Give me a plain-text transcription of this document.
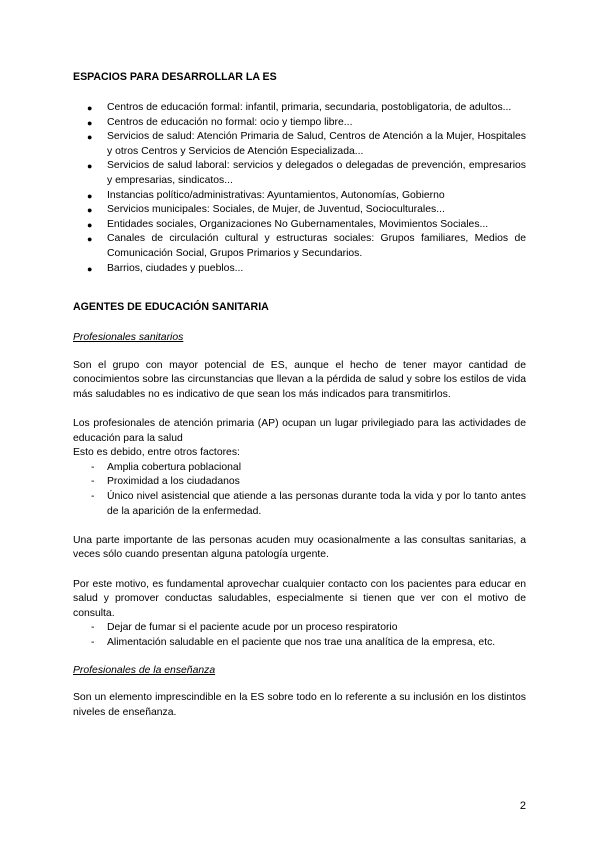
ESPACIOS PARA DESARROLLAR LA ES
● Centros de educación formal: infantil, primaria, secundaria, postobligatoria, de adultos...
● Centros de educación no formal: ocio y tiempo libre...
● Servicios de salud: Atención Primaria de Salud, Centros de Atención a la Mujer, Hospitales y otros Centros y Servicios de Atención Especializada...
● Servicios de salud laboral: servicios y delegados o delegadas de prevención, empresarios y empresarias, sindicatos...
● Instancias político/administrativas: Ayuntamientos, Autonomías, Gobierno
● Servicios municipales: Sociales, de Mujer, de Juventud, Socioculturales...
● Entidades sociales, Organizaciones No Gubernamentales, Movimientos Sociales...
● Canales de circulación cultural y estructuras sociales: Grupos familiares, Medios de Comunicación Social, Grupos Primarios y Secundarios.
● Barrios, ciudades y pueblos...
AGENTES DE EDUCACIÓN SANITARIA
Profesionales sanitarios

Son el grupo con mayor potencial de ES, aunque el hecho de tener mayor cantidad de conocimientos sobre las circunstancias que llevan a la pérdida de salud y sobre los estilos de vida más saludables no es indicativo de que sean los más indicados para transmitirlos.

Los profesionales de atención primaria (AP) ocupan un lugar privilegiado para las actividades de educación para la salud

Esto es debido, entre otros factores:

- Amplia cobertura poblacional
- Proximidad a los ciudadanos
- Único nivel asistencial que atiende a las personas durante toda la vida y por lo tanto antes de la aparición de la enfermedad.

Una parte importante de las personas acuden muy ocasionalmente a las consultas sanitarias, a veces sólo cuando presentan alguna patología urgente.

Por este motivo, es fundamental aprovechar cualquier contacto con los pacientes para educar en salud y promover conductas saludables, especialmente si tienen que ver con el motivo de consulta.

- Dejar de fumar si el paciente acude por un proceso respiratorio
- Alimentación saludable en el paciente que nos trae una analítica de la empresa, etc.
Profesionales de la enseñanza

Son un elemento imprescindible en la ES sobre todo en lo referente a su inclusión en los distintos niveles de enseñanza.

2
